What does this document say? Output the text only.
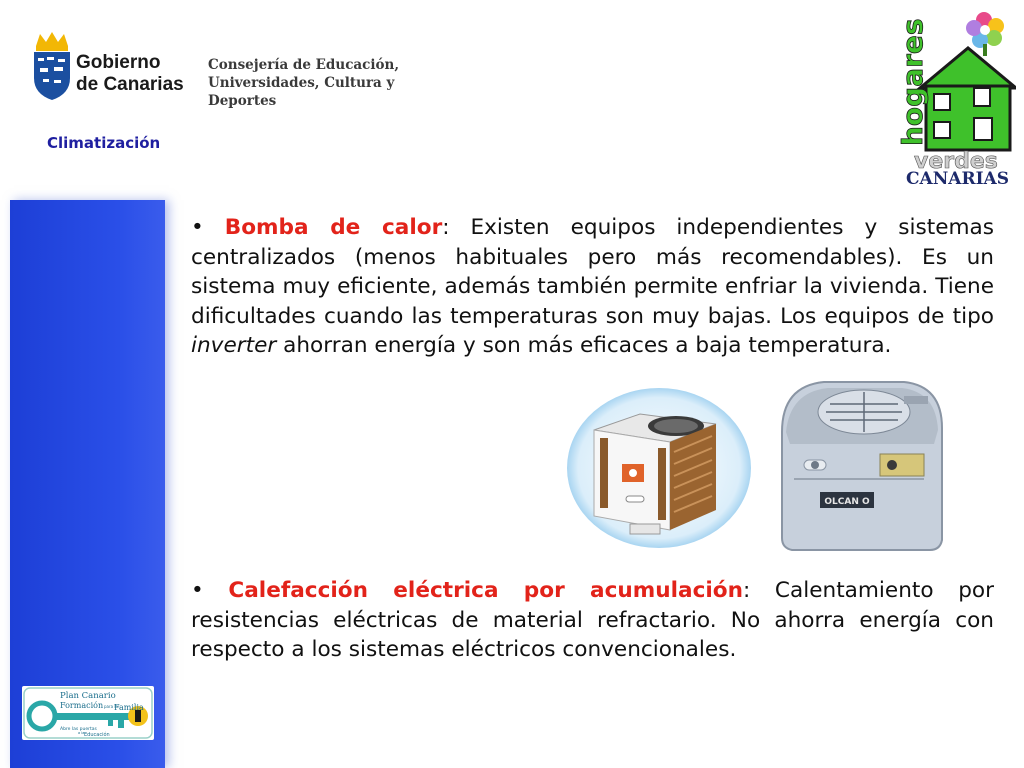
Gobierno
de Canarias
Consejería de Educación,
Universidades, Cultura y Deportes
Climatización	hogares
verdes
CANARIAS
Plan Canario
Formación para la
Familia
Abre las puertas
a la Educación

• Bomba de calor: Existen equipos independientes y sistemas centralizados (menos habituales pero más recomendables). Es un sistema muy eficiente, además también permite enfriar la vivienda. Tiene dificultades cuando las temperaturas son muy bajas. Los equipos de tipo inverter ahorran energía y son más eficaces a baja temperatura.

OLCAN O

• Calefacción eléctrica por acumulación: Calentamiento por resistencias eléctricas de material refractario. No ahorra energía con respecto a los sistemas eléctricos convencionales.
